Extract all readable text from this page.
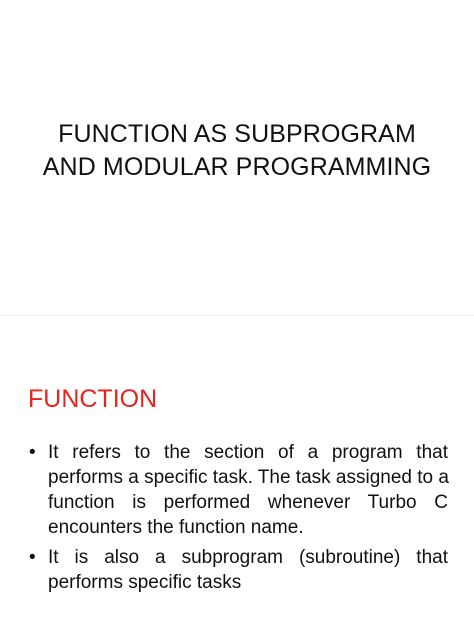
FUNCTION AS SUBPROGRAM
AND MODULAR PROGRAMMING
FUNCTION
• It refers to the section of a program that
performs a specific task. The task assigned to a
function is performed whenever Turbo C
encounters the function name.
• It is also a subprogram (subroutine) that
performs specific tasks
